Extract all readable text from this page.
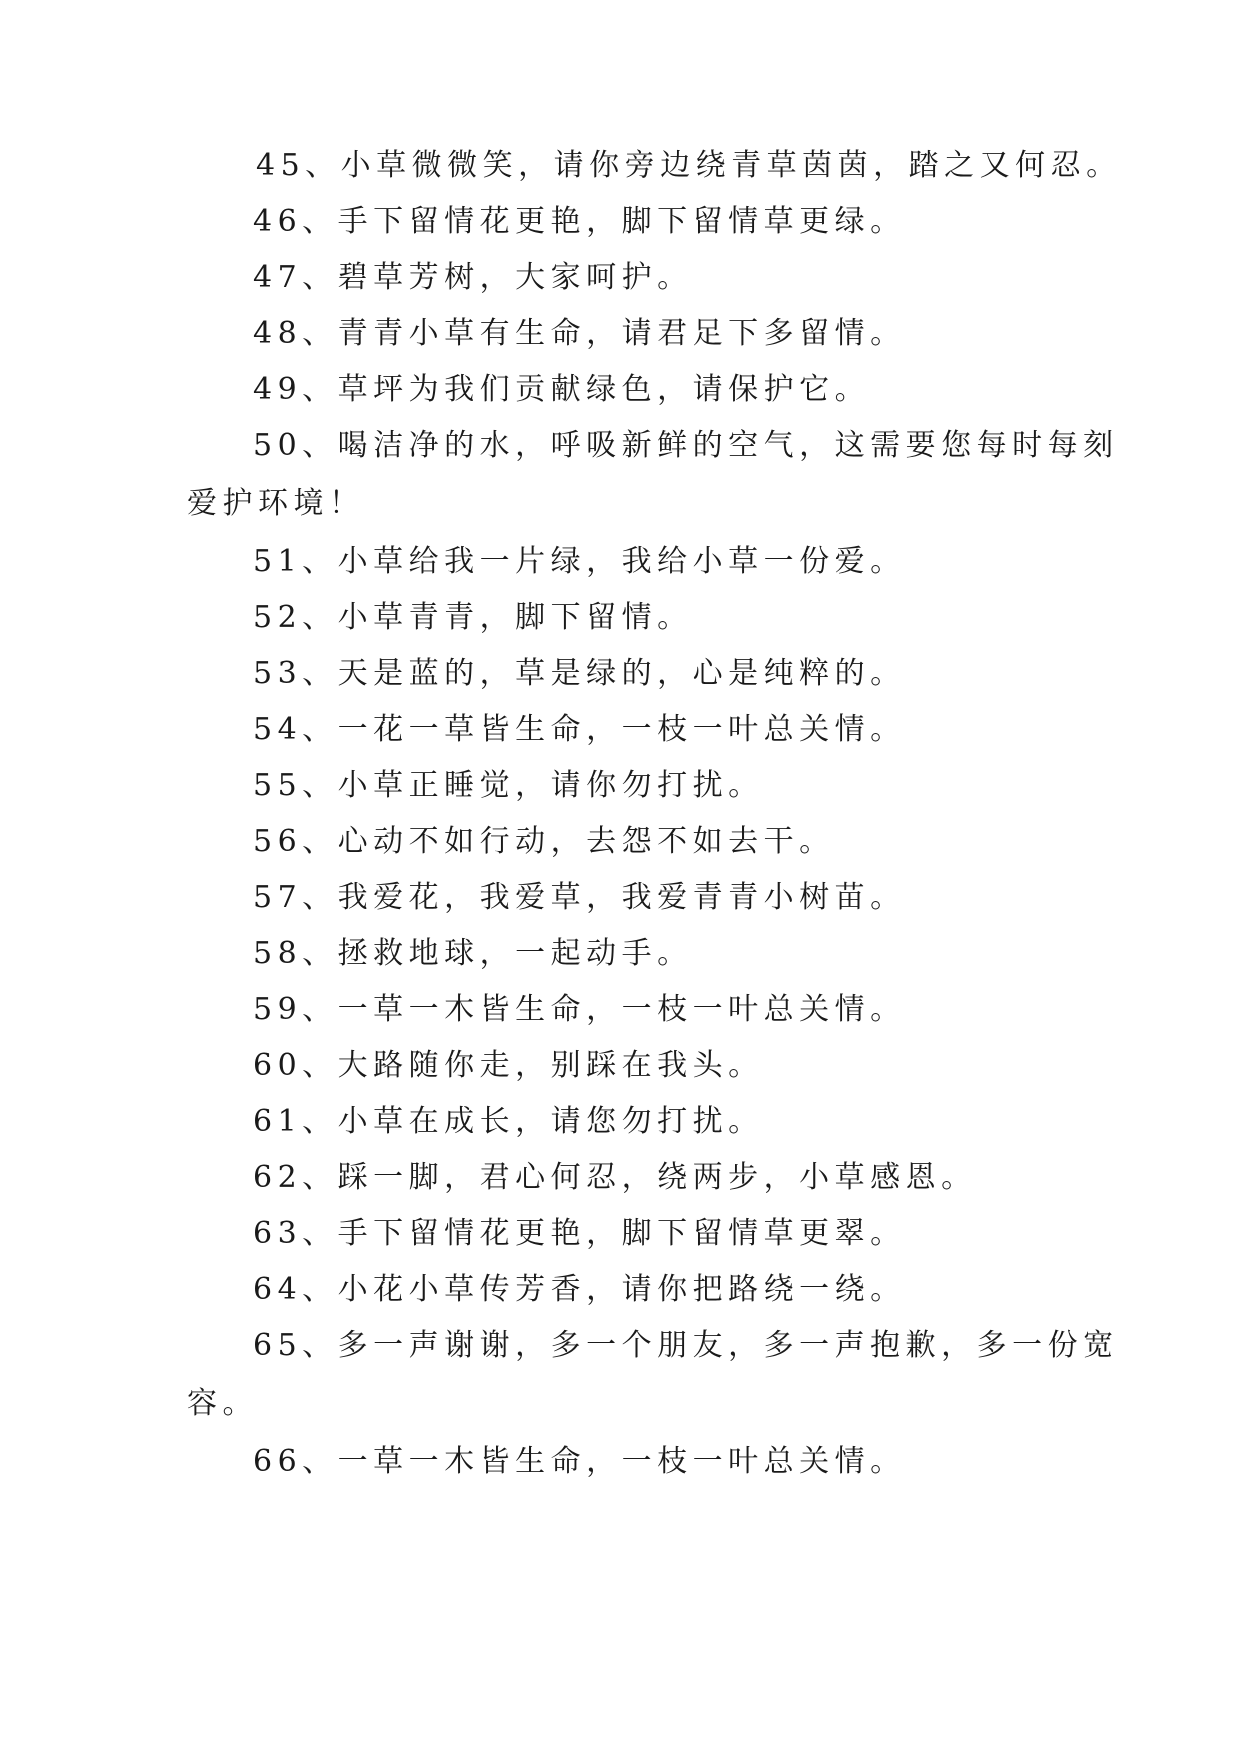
45、小草微微笑，请你旁边绕青草茵茵，踏之又何忍。
46、手下留情花更艳，脚下留情草更绿。
47、碧草芳树，大家呵护。
48、青青小草有生命，请君足下多留情。
49、草坪为我们贡献绿色，请保护它。
50、喝洁净的水，呼吸新鲜的空气，这需要您每时每刻
爱护环境！
51、小草给我一片绿，我给小草一份爱。
52、小草青青，脚下留情。
53、天是蓝的，草是绿的，心是纯粹的。
54、一花一草皆生命，一枝一叶总关情。
55、小草正睡觉，请你勿打扰。
56、心动不如行动，去怨不如去干。
57、我爱花，我爱草，我爱青青小树苗。
58、拯救地球，一起动手。
59、一草一木皆生命，一枝一叶总关情。
60、大路随你走，别踩在我头。
61、小草在成长，请您勿打扰。
62、踩一脚，君心何忍，绕两步，小草感恩。
63、手下留情花更艳，脚下留情草更翠。
64、小花小草传芳香，请你把路绕一绕。
65、多一声谢谢，多一个朋友，多一声抱歉，多一份宽
容。
66、一草一木皆生命，一枝一叶总关情。
